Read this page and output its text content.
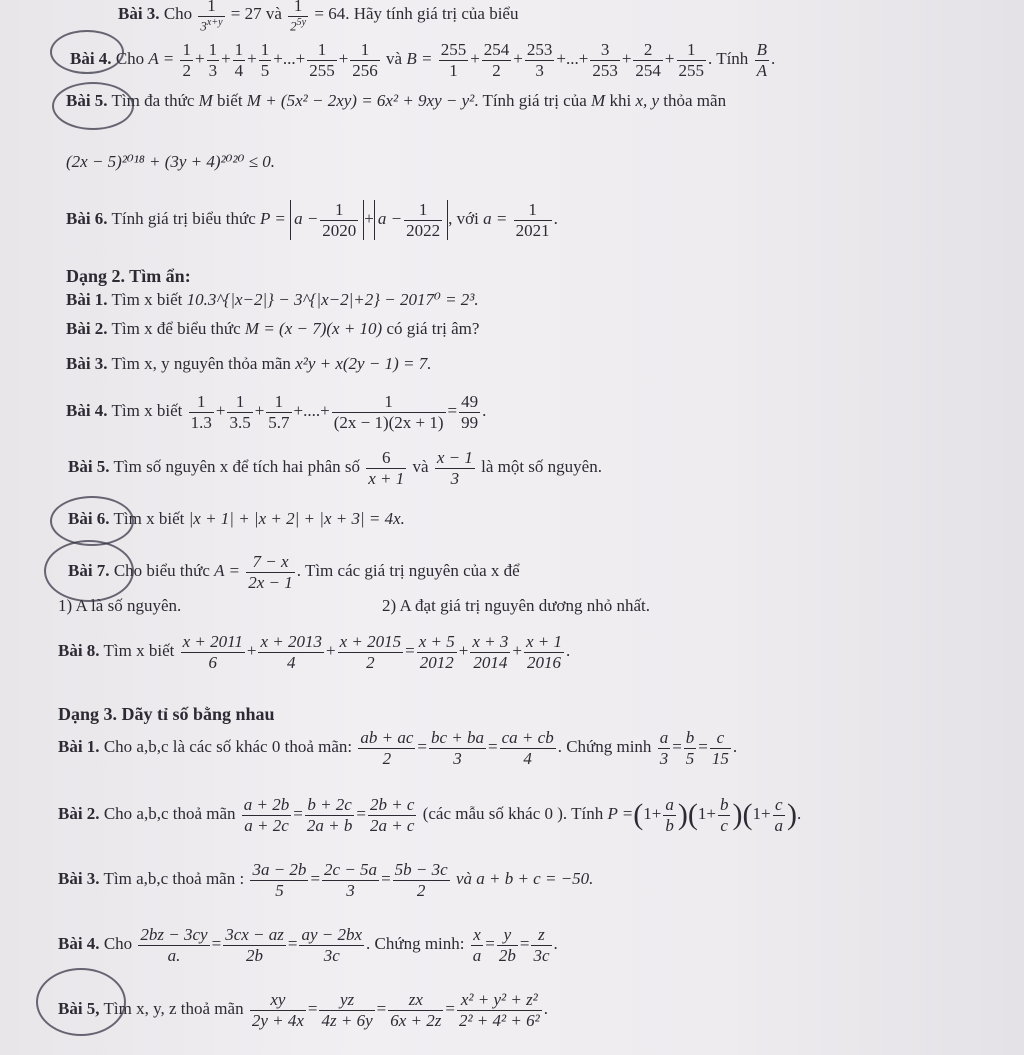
Bài 3. Cho $\frac{1}{3^{x+y}} = 27$ và $\frac{1}{2^{5y}} = 64$. Hãy tính giá trị của biểu
Bài 4. Cho $A = \frac{1}{2} + \frac{1}{3} + \frac{1}{4} + \frac{1}{5}$ +...+ $\frac{1}{255} + \frac{1}{256}$ và $B = \frac{255}{1} + \frac{254}{2} + \frac{253}{3}$ +...+ $\frac{3}{253} + \frac{2}{254} + \frac{1}{255}$ . Tính $\frac{B}{A}$ .
Bài 5. Tìm đa thức M biết M + (5x² − 2xy) = 6x² + 9xy − y². Tính giá trị của M khi x, y thỏa mãn
(2x − 5)²⁰¹⁸ + (3y + 4)²⁰²⁰ ≤ 0.
Bài 6. Tính giá trị biểu thức $P = a - \frac{1}{2020} + a - \frac{1}{2022}$ , với $a = \frac{1}{2021}$ .
Dạng 2. Tìm ẩn:
Bài 1. Tìm x biết 10.3^{|x−2|} − 3^{|x−2|+2} − 2017⁰ = 2³.
Bài 2. Tìm x để biểu thức M = (x − 7)(x + 10) có giá trị âm?
Bài 3. Tìm x, y nguyên thỏa mãn x²y + x(2y − 1) = 7.
Bài 4. Tìm x biết $\frac{1}{1.3} + \frac{1}{3.5} + \frac{1}{5.7}$ +....+ $\frac{1}{(2x - 1)(2x + 1)} = \frac{49}{99}$ .
Bài 5. Tìm số nguyên x để tích hai phân số $\frac{6}{x + 1}$ và $\frac{x - 1}{3}$ là một số nguyên.
Bài 6. Tìm x biết |x + 1| + |x + 2| + |x + 3| = 4x.
Bài 7. Cho biểu thức $A = \frac{7 - x}{2x - 1}$ . Tìm các giá trị nguyên của x để
1) A là số nguyên.	2) A đạt giá trị nguyên dương nhỏ nhất.
Bài 8. Tìm x biết $\frac{x + 2011}{6} + \frac{x + 2013}{4} + \frac{x + 2015}{2} = \frac{x + 5}{2012} + \frac{x + 3}{2014} + \frac{x + 1}{2016}$ .
Dạng 3. Dãy tỉ số bằng nhau
Bài 1. Cho a,b,c là các số khác 0 thoả mãn: $\frac{ab + ac}{2} = \frac{bc + ba}{3} = \frac{ca + cb}{4}$ . Chứng minh $\frac{a}{3} = \frac{b}{5} = \frac{c}{15}$ .
Bài 2. Cho a,b,c thoả mãn $\frac{a + 2b}{a + 2c} = \frac{b + 2c}{2a + b} = \frac{2b + c}{2a + c}$ (các mẫu số khác 0 ). Tính $P =(1+ \frac{a}{b} )(1+ \frac{b}{c} )(1+ \frac{c}{a}$ ).
Bài 3. Tìm a,b,c thoả mãn : $\frac{3a - 2b}{5} = \frac{2c - 5a}{3} = \frac{5b - 3c}{2}$ và a + b + c = −50.
Bài 4. Cho $\frac{2bz - 3cy}{a.} = \frac{3cx - az}{2b} = \frac{ay - 2bx}{3c}$ . Chứng minh: $\frac{x}{a} = \frac{y}{2b} = \frac{z}{3c}$ .
Bài 5, Tìm x, y, z thoả mãn $\frac{xy}{2y + 4x} = \frac{yz}{4z + 6y} = \frac{zx}{6x + 2z} = \frac{\text{x² + y² + z²}}{\text{2² + 4² + 6²}}$ .
